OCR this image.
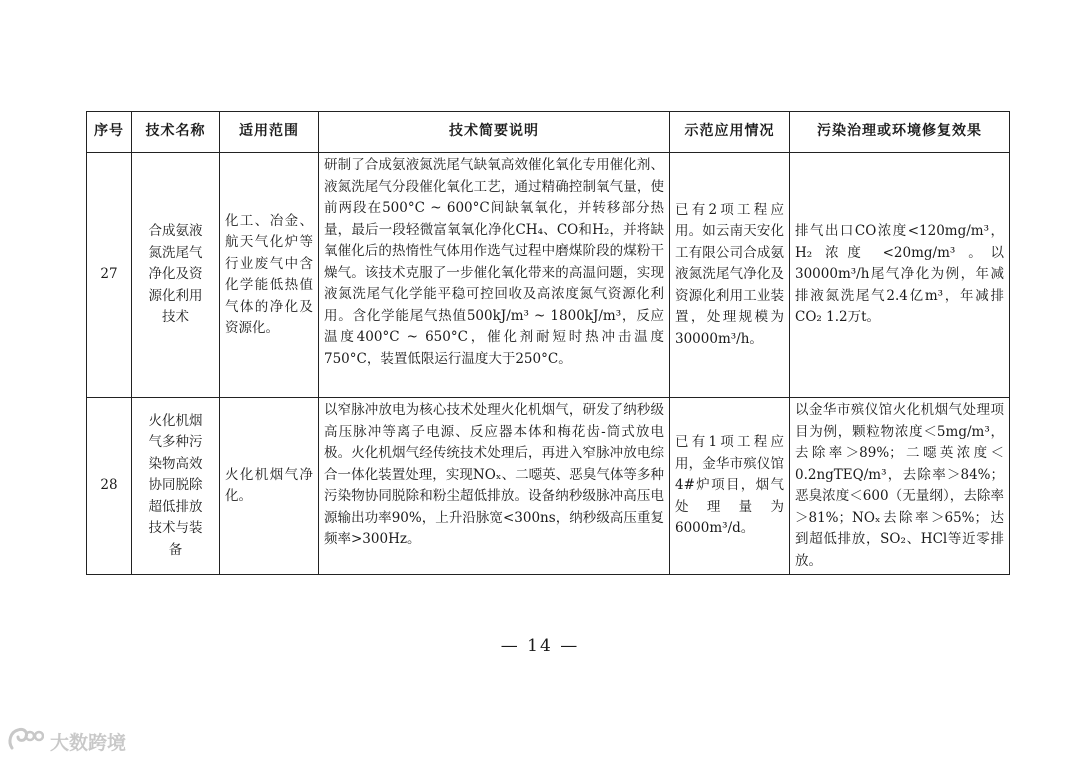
序号	技术名称	适用范围	技术简要说明	示范应用情况	污染治理或环境修复效果
27	合成氨液氮洗尾气净化及资源化利用技术	化工、冶金、航天气化炉等行业废气中含化学能低热值气体的净化及资源化。	研制了合成氨液氮洗尾气缺氧高效催化氧化专用催化剂、液氮洗尾气分段催化氧化工艺，通过精确控制氧气量，使前两段在500°C ~ 600°C间缺氧氧化，并转移部分热量，最后一段轻微富氧氧化净化CH₄、CO和H₂，并将缺氧催化后的热惰性气体用作选气过程中磨煤阶段的煤粉干燥气。该技术克服了一步催化氧化带来的高温问题，实现液氮洗尾气化学能平稳可控回收及高浓度氮气资源化利用。含化学能尾气热值500kJ/m³ ~ 1800kJ/m³，反应温度400°C ~ 650°C，催化剂耐短时热冲击温度750°C，装置低限运行温度大于250°C。	已有2项工程应用。如云南天安化工有限公司合成氨液氮洗尾气净化及资源化利用工业装置，处理规模为30000m³/h。	排气出口CO浓度<120mg/m³，H₂ 浓度 <20mg/m³ 。以30000m³/h尾气净化为例，年减排液氮洗尾气2.4亿m³，年减排CO₂ 1.2万t。
28	火化机烟气多种污染物高效协同脱除超低排放技术与装备	火化机烟气净化。	以窄脉冲放电为核心技术处理火化机烟气，研发了纳秒级高压脉冲等离子电源、反应器本体和梅花齿-筒式放电极。火化机烟气经传统技术处理后，再进入窄脉冲放电综合一体化装置处理，实现NOₓ、二噁英、恶臭气体等多种污染物协同脱除和粉尘超低排放。设备纳秒级脉冲高压电源输出功率90%，上升沿脉宽<300ns，纳秒级高压重复频率>300Hz。	已有1项工程应用，金华市殡仪馆4#炉项目，烟气处理量为6000m³/d。	以金华市殡仪馆火化机烟气处理项目为例，颗粒物浓度＜5mg/m³，去除率＞89%；二噁英浓度＜0.2ngTEQ/m³，去除率＞84%；恶臭浓度＜600（无量纲），去除率＞81%；NOₓ去除率＞65%；达到超低排放，SO₂、HCl等近零排放。
— 14 —
大数跨境
